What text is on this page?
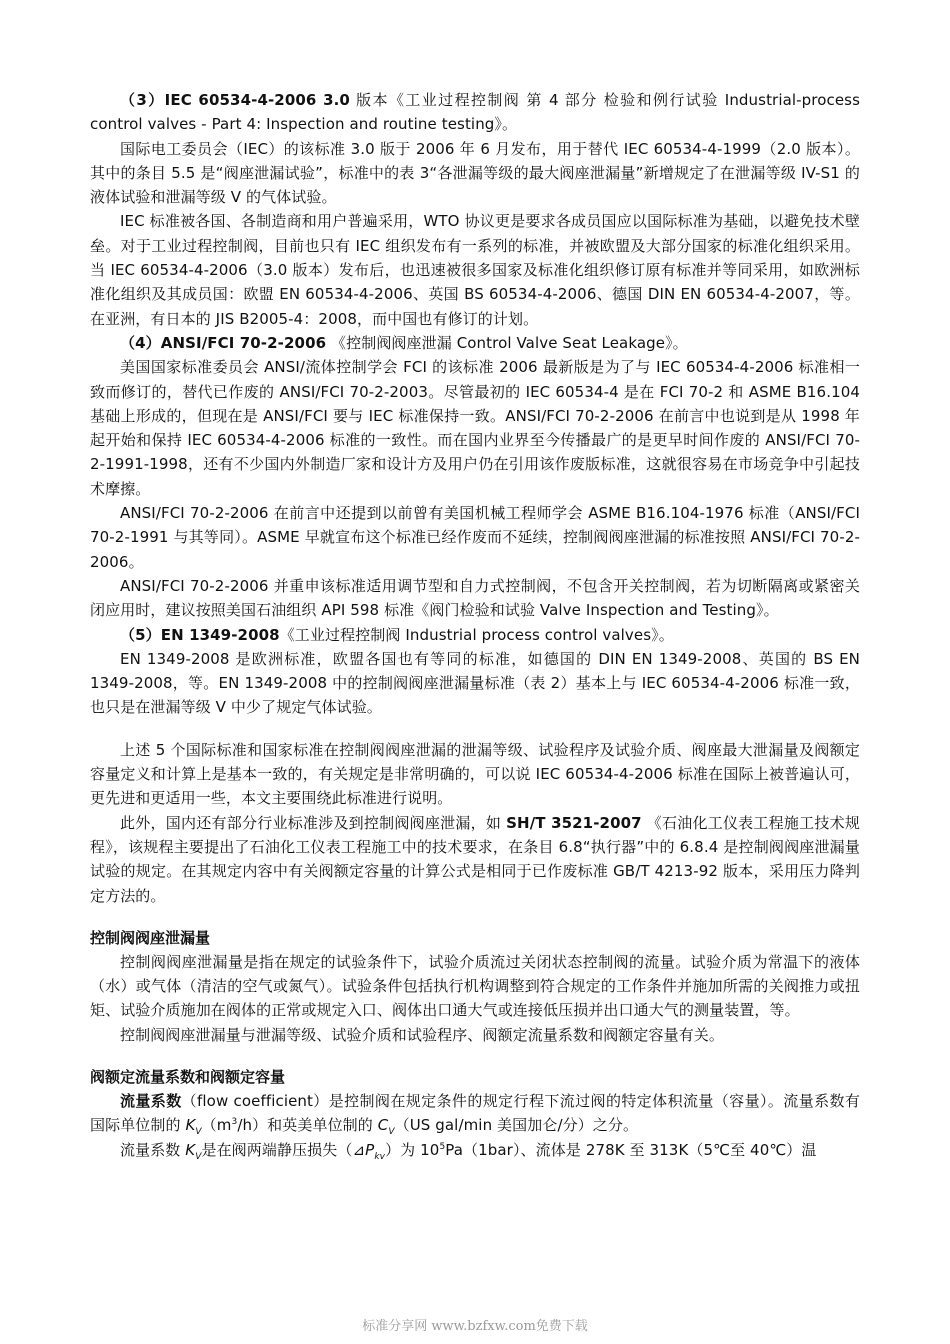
（3）IEC 60534-4-2006 3.0 版本《工业过程控制阀 第 4 部分 检验和例行试验 Industrial-process control valves - Part 4: Inspection and routine testing》。

国际电工委员会（IEC）的该标准 3.0 版于 2006 年 6 月发布，用于替代 IEC 60534-4-1999（2.0 版本）。其中的条目 5.5 是“阀座泄漏试验”，标准中的表 3“各泄漏等级的最大阀座泄漏量”新增规定了在泄漏等级 IV-S1 的液体试验和泄漏等级 V 的气体试验。

IEC 标准被各国、各制造商和用户普遍采用，WTO 协议更是要求各成员国应以国际标准为基础，以避免技术壁垒。对于工业过程控制阀，目前也只有 IEC 组织发布有一系列的标准，并被欧盟及大部分国家的标准化组织采用。当 IEC 60534-4-2006（3.0 版本）发布后，也迅速被很多国家及标准化组织修订原有标准并等同采用，如欧洲标准化组织及其成员国：欧盟 EN 60534-4-2006、英国 BS 60534-4-2006、德国 DIN EN 60534-4-2007，等。在亚洲，有日本的 JIS B2005-4：2008，而中国也有修订的计划。

（4）ANSI/FCI 70-2-2006 《控制阀阀座泄漏 Control Valve Seat Leakage》。

美国国家标准委员会 ANSI/流体控制学会 FCI 的该标准 2006 最新版是为了与 IEC 60534-4-2006 标准相一致而修订的，替代已作废的 ANSI/FCI 70-2-2003。尽管最初的 IEC 60534-4 是在 FCI 70-2 和 ASME B16.104 基础上形成的，但现在是 ANSI/FCI 要与 IEC 标准保持一致。ANSI/FCI 70-2-2006 在前言中也说到是从 1998 年起开始和保持 IEC 60534-4-2006 标准的一致性。而在国内业界至今传播最广的是更早时间作废的 ANSI/FCI 70-2-1991-1998，还有不少国内外制造厂家和设计方及用户仍在引用该作废版标准，这就很容易在市场竞争中引起技术摩擦。

ANSI/FCI 70-2-2006 在前言中还提到以前曾有美国机械工程师学会 ASME B16.104-1976 标准（ANSI/FCI 70-2-1991 与其等同）。ASME 早就宣布这个标准已经作废而不延续，控制阀阀座泄漏的标准按照 ANSI/FCI 70-2-2006。

ANSI/FCI 70-2-2006 并重申该标准适用调节型和自力式控制阀，不包含开关控制阀，若为切断隔离或紧密关闭应用时，建议按照美国石油组织 API 598 标准《阀门检验和试验 Valve Inspection and Testing》。

（5）EN 1349-2008《工业过程控制阀 Industrial process control valves》。

EN 1349-2008 是欧洲标准，欧盟各国也有等同的标准，如德国的 DIN EN 1349-2008、英国的 BS EN 1349-2008，等。EN 1349-2008 中的控制阀阀座泄漏量标准（表 2）基本上与 IEC 60534-4-2006 标准一致，也只是在泄漏等级 V 中少了规定气体试验。

上述 5 个国际标准和国家标准在控制阀阀座泄漏的泄漏等级、试验程序及试验介质、阀座最大泄漏量及阀额定容量定义和计算上是基本一致的，有关规定是非常明确的，可以说 IEC 60534-4-2006 标准在国际上被普遍认可，更先进和更适用一些，本文主要围绕此标准进行说明。

此外，国内还有部分行业标准涉及到控制阀阀座泄漏，如 SH/T 3521-2007 《石油化工仪表工程施工技术规程》，该规程主要提出了石油化工仪表工程施工中的技术要求，在条目 6.8“执行器”中的 6.8.4 是控制阀阀座泄漏量试验的规定。在其规定内容中有关阀额定容量的计算公式是相同于已作废标准 GB/T 4213-92 版本，采用压力降判定方法的。

控制阀阀座泄漏量

控制阀阀座泄漏量是指在规定的试验条件下，试验介质流过关闭状态控制阀的流量。试验介质为常温下的液体（水）或气体（清洁的空气或氮气）。试验条件包括执行机构调整到符合规定的工作条件并施加所需的关阀推力或扭矩、试验介质施加在阀体的正常或规定入口、阀体出口通大气或连接低压损并出口通大气的测量装置，等。

控制阀阀座泄漏量与泄漏等级、试验介质和试验程序、阀额定流量系数和阀额定容量有关。

阀额定流量系数和阀额定容量

流量系数（flow coefficient）是控制阀在规定条件的规定行程下流过阀的特定体积流量（容量）。流量系数有国际单位制的 $K_V(m^3/h)$和英美单位制的 $C_V(US$ gal/min 美国加仑/分）之分。

流量系数 $K_V$是在阀两端静压损失$(⊿P_{kv})$为 $10^5Pa(1bar)$、流体是 278K 至 313K（5℃至 40℃）温

标准分享网 www.bzfxw.com免费下载
